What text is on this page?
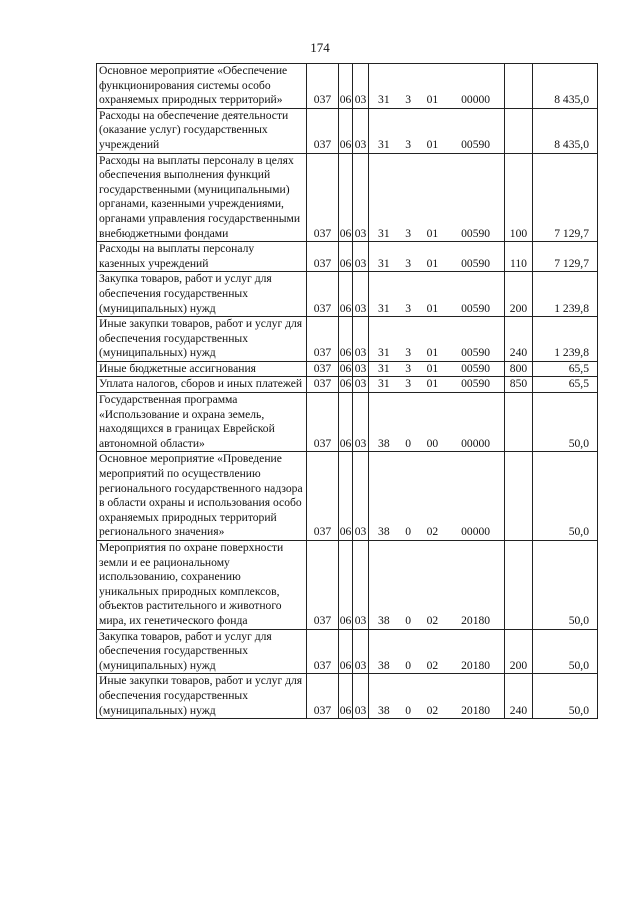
174
Основное мероприятие «Обеспечение функционирования системы особо охраняемых природных территорий»	037	06	03	31 3 01 00000		8 435,0
Расходы на обеспечение деятельности (оказание услуг) государственных учреждений	037	06	03	31 3 01 00590		8 435,0
Расходы на выплаты персоналу в целях обеспечения выполнения функций государственными (муниципальными) органами, казенными учреждениями, органами управления государственными внебюджетными фондами	037	06	03	31 3 01 00590	100	7 129,7
Расходы на выплаты персоналу казенных учреждений	037	06	03	31 3 01 00590	110	7 129,7
Закупка товаров, работ и услуг для обеспечения государственных (муниципальных) нужд	037	06	03	31 3 01 00590	200	1 239,8
Иные закупки товаров, работ и услуг для обеспечения государственных (муниципальных) нужд	037	06	03	31 3 01 00590	240	1 239,8
Иные бюджетные ассигнования	037	06	03	31 3 01 00590	800	65,5
Уплата налогов, сборов и иных платежей	037	06	03	31 3 01 00590	850	65,5
Государственная программа «Использование и охрана земель, находящихся в границах Еврейской автономной области»	037	06	03	38 0 00 00000		50,0
Основное мероприятие «Проведение мероприятий по осуществлению регионального государственного надзора в области охраны и использования особо охраняемых природных территорий регионального значения»	037	06	03	38 0 02 00000		50,0
Мероприятия по охране поверхности земли и ее рациональному использованию, сохранению уникальных природных комплексов, объектов растительного и животного мира, их генетического фонда	037	06	03	38 0 02 20180		50,0
Закупка товаров, работ и услуг для обеспечения государственных (муниципальных) нужд	037	06	03	38 0 02 20180	200	50,0
Иные закупки товаров, работ и услуг для обеспечения государственных (муниципальных) нужд	037	06	03	38 0 02 20180	240	50,0
